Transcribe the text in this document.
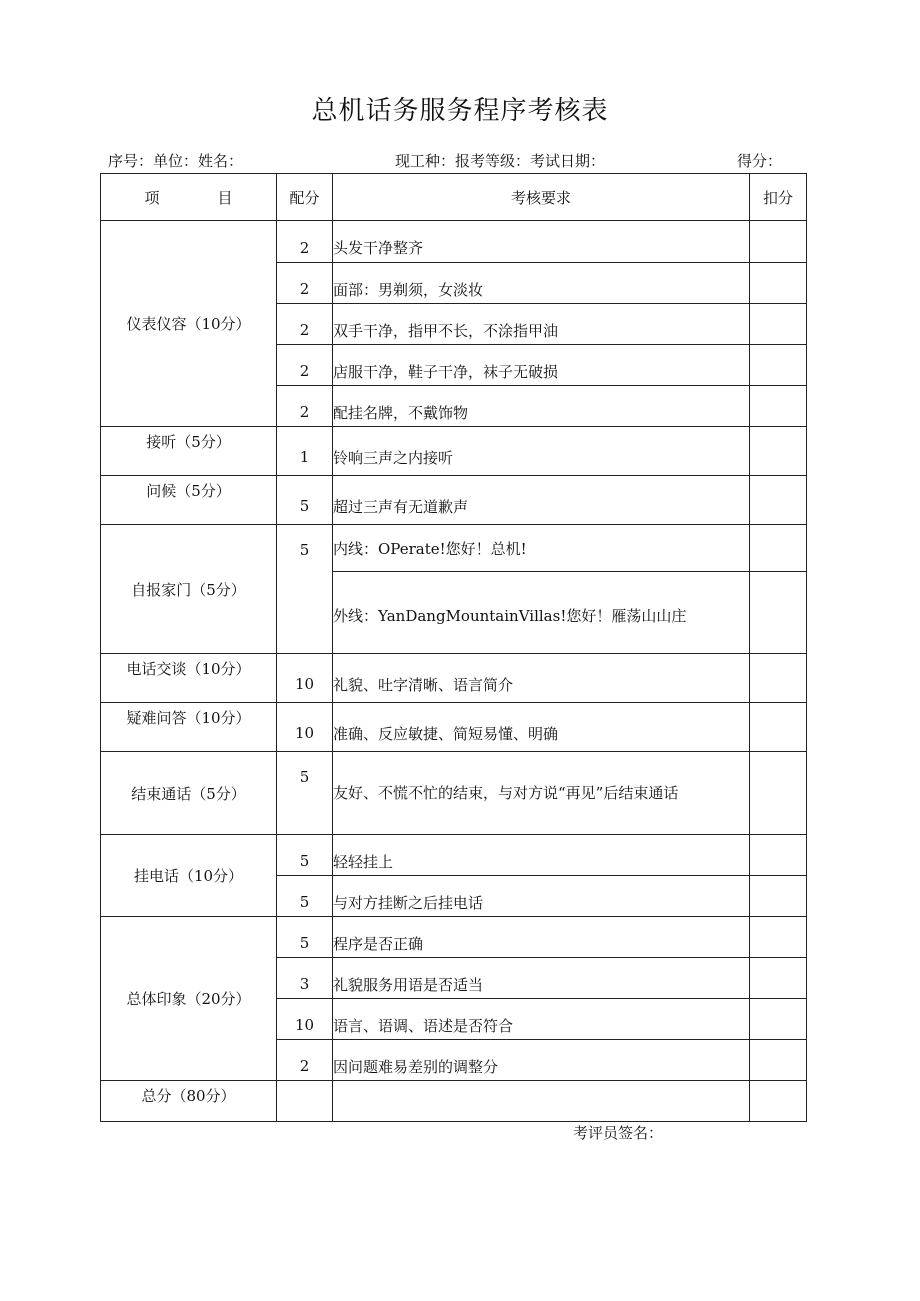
总机话务服务程序考核表
序号：单位：姓名：	现工种：报考等级：考试日期：	得分：
项 目	配分	考核要求	扣分
仪表仪容（10分）	2	头发干净整齐	
	2	面部：男剃须，女淡妆	
	2	双手干净，指甲不长，不涂指甲油	
	2	店服干净，鞋子干净，袜子无破损	
	2	配挂名牌，不戴饰物	
接听（5分）	1	铃响三声之内接听	
问候（5分）	5	超过三声有无道歉声	
自报家门（5分）	5	内线：OPerate!您好！总机!	
		外线：YanDangMountainVillas!您好！雁荡山山庄	
电话交谈（10分）	10	礼貌、吐字清晰、语言简介	
疑难问答（10分）	10	准确、反应敏捷、简短易懂、明确	
结束通话（5分）	5	友好、不慌不忙的结束，与对方说“再见”后结束通话	
挂电话（10分）	5	轻轻挂上	
	5	与对方挂断之后挂电话	
总体印象（20分）	5	程序是否正确	
	3	礼貌服务用语是否适当	
	10	语言、语调、语述是否符合	
	2	因问题难易差别的调整分	
总分（80分）			
考评员签名：
